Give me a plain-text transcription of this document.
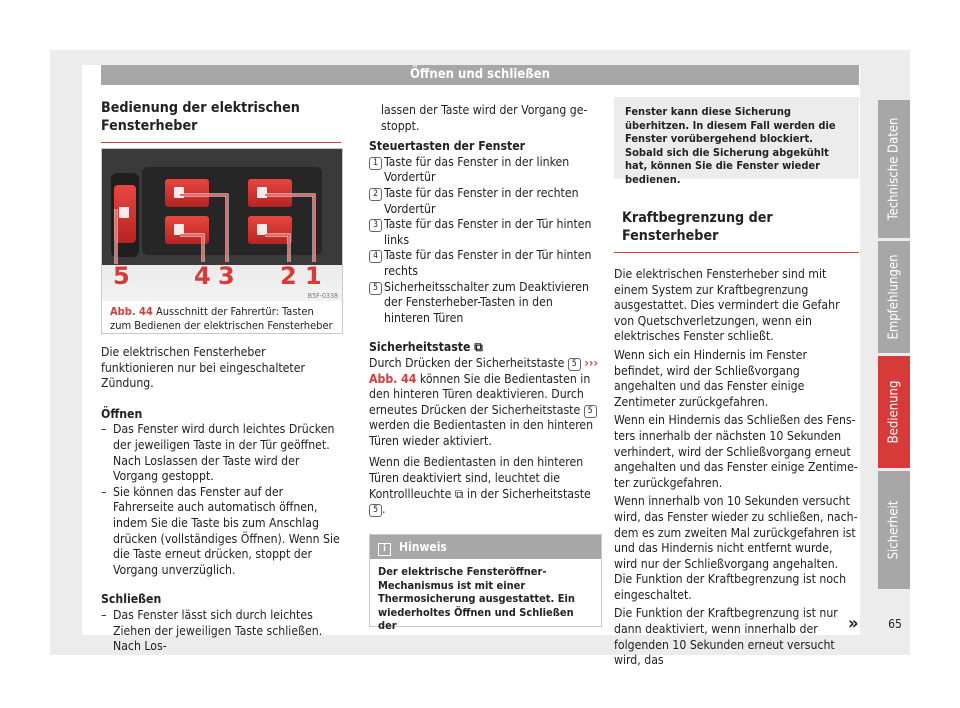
Öffnen und schließen
Bedienung der elektrischen Fensterheber
5	4 3 2 1
B5F-0338
Abb. 44 Ausschnitt der Fahrertür: Tasten zum Bedienen der elektrischen Fensterheber

Die elektrischen Fensterheber funktionieren nur bei eingeschalteter Zündung.

Öffnen

– Das Fenster wird durch leichtes Drücken der jeweiligen Taste in der Tür geöffnet. Nach Loslassen der Taste wird der Vorgang gestoppt.

– Sie können das Fenster auf der Fahrerseite auch automatisch öffnen, indem Sie die Taste bis zum Anschlag drücken (vollständiges Öffnen). Wenn Sie die Taste erneut drücken, stoppt der Vorgang unverzüglich.

Schließen

– Das Fenster lässt sich durch leichtes Ziehen der jeweiligen Taste schließen. Nach Los-

lassen der Taste wird der Vorgang gestoppt.

Steuertasten der Fenster

1 Taste für das Fenster in der linken Vordertür

2 Taste für das Fenster in der rechten Vordertür

3 Taste für das Fenster in der Tür hinten links

4 Taste für das Fenster in der Tür hinten rechts

5 Sicherheitsschalter zum Deaktivieren der Fensterheber-Tasten in den hinteren Türen

Sicherheitstaste ⧉

Durch Drücken der Sicherheitstaste 5 ››› Abb. 44 können Sie die Bedientasten in den hinteren Türen deaktivieren. Durch erneutes Drücken der Sicherheitstaste 5 werden die Bedientasten in den hinteren Türen wieder aktiviert.

Wenn die Bedientasten in den hinteren Türen deaktiviert sind, leuchtet die Kontrollleuchte ⧉ in der Sicherheitstaste 5 .

i Hinweis
Der elektrische Fensteröffner-Mechanismus ist mit einer Thermosicherung ausgestattet. Ein wiederholtes Öffnen und Schließen der
Fenster kann diese Sicherung überhitzen. In diesem Fall werden die Fenster vorübergehend blockiert. Sobald sich die Sicherung abgekühlt hat, können Sie die Fenster wieder bedienen.
Kraftbegrenzung der Fensterheber

Die elektrischen Fensterheber sind mit einem System zur Kraftbegrenzung ausgestattet. Dies vermindert die Gefahr von Quetschverletzungen, wenn ein elektrisches Fenster schließt.

Wenn sich ein Hindernis im Fenster befindet, wird der Schließvorgang angehalten und das Fenster einige Zentimeter zurückgefahren.

Wenn ein Hindernis das Schließen des Fensters innerhalb der nächsten 10 Sekunden verhindert, wird der Schließvorgang erneut angehalten und das Fenster einige Zentimeter zurückgefahren.

Wenn innerhalb von 10 Sekunden versucht wird, das Fenster wieder zu schließen, nachdem es zum zweiten Mal zurückgefahren ist und das Hindernis nicht entfernt wurde, wird nur der Schließvorgang angehalten. Die Funktion der Kraftbegrenzung ist noch eingeschaltet.

Die Funktion der Kraftbegrenzung ist nur dann deaktiviert, wenn innerhalb der folgenden 10 Sekunden erneut versucht wird, das

»
Technische Daten
Empfehlungen
Bedienung
Sicherheit
65
